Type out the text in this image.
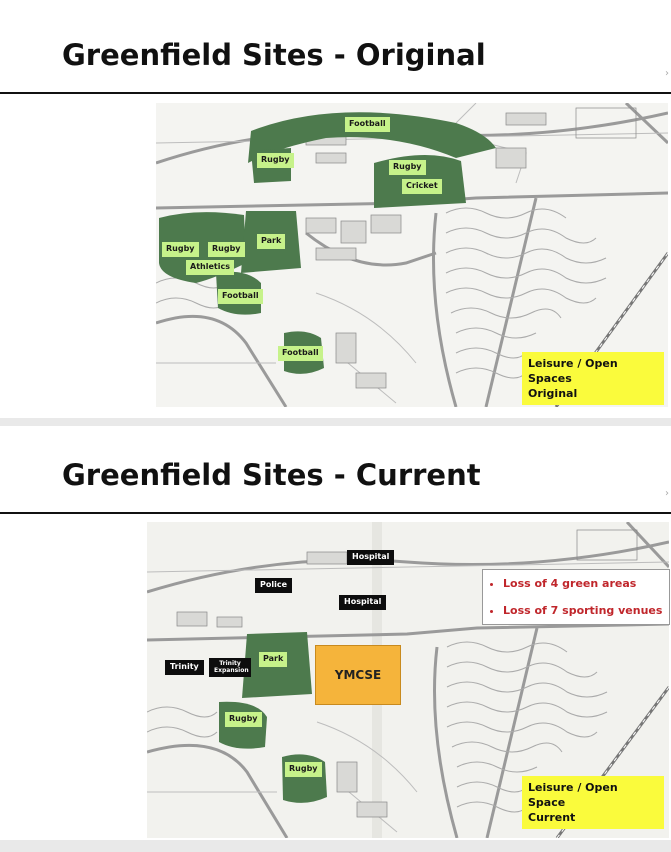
Greenfield Sites - Original
›
Football
Rugby
Rugby
Cricket
Park
Rugby	Rugby
Athletics
Football
Football
Leisure / Open Spaces
Original
Greenfield Sites - Current
›
YMCSE
Hospital
Police
Hospital
Trinity	Trinity Expansion
Park
Rugby
Rugby
• Loss of 4 green areas
• Loss of 7 sporting venues
Leisure / Open Space
Current
